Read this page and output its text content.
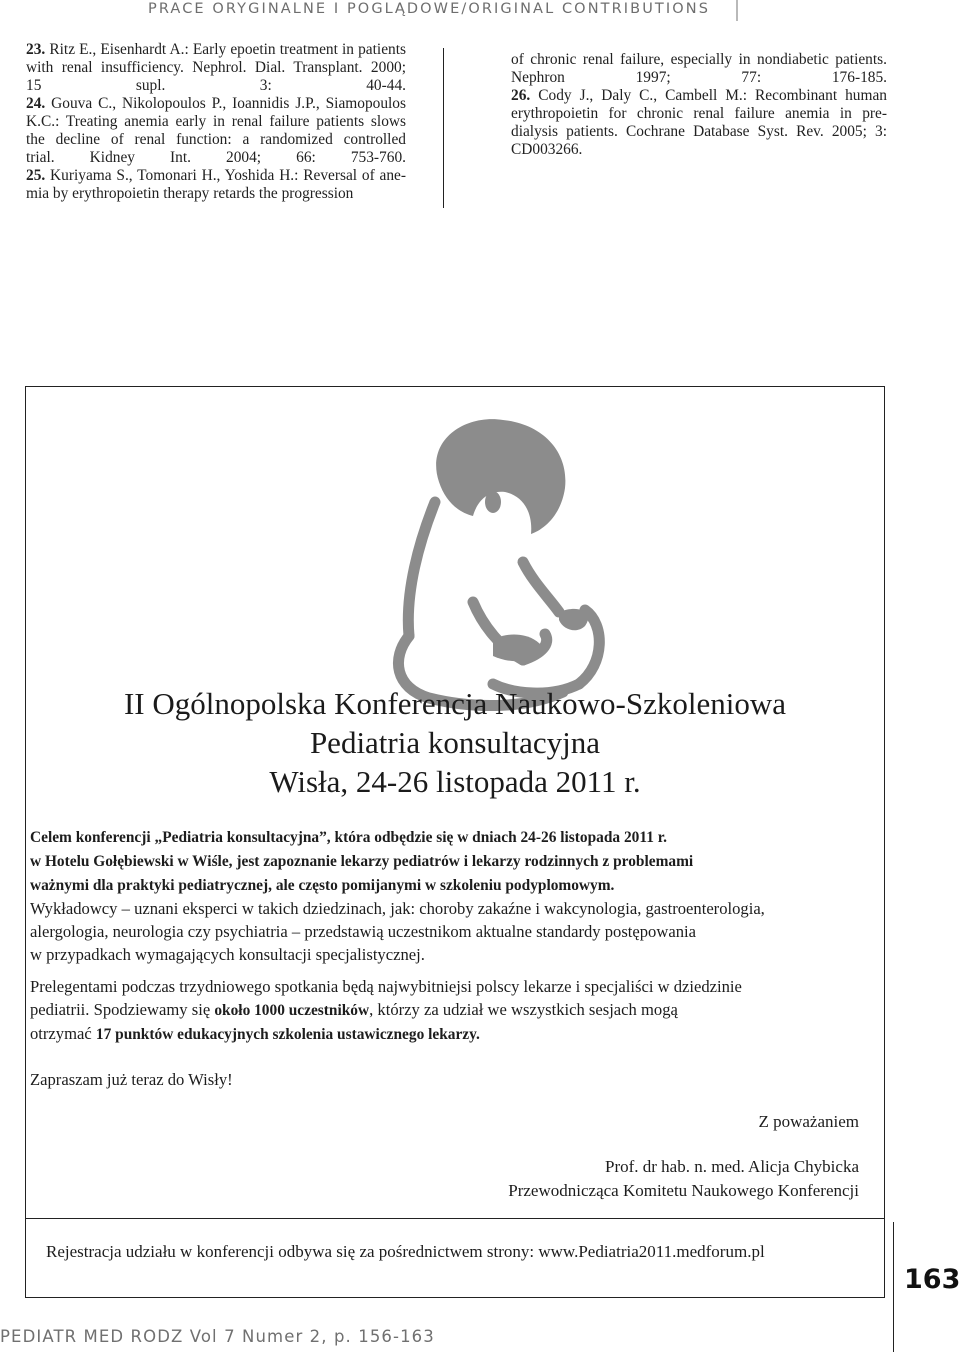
PRACE ORYGINALNE I POGLĄDOWE/ORIGINAL CONTRIBUTIONS
23. Ritz E., Eisenhardt A.: Early epoetin treatment in patients
with renal insufficiency. Nephrol. Dial. Transplant. 2000;
15 supl. 3: 40-44.
24. Gouva C., Nikolopoulos P., Ioannidis J.P., Siamopoulos
K.C.: Treating anemia early in renal failure patients slows
the decline of renal function: a randomized controlled
trial. Kidney Int. 2004; 66: 753-760.
25. Kuriyama S., Tomonari H., Yoshida H.: Reversal of ane-
mia by erythropoietin therapy retards the progression
of chronic renal failure, especially in nondiabetic patients.
Nephron 1997; 77: 176-185.
26. Cody J., Daly C., Cambell M.: Recombinant human
erythropoietin for chronic renal failure anemia in pre-
dialysis patients. Cochrane Database Syst. Rev. 2005; 3:
CD003266.
II Ogólnopolska Konferencja Naukowo-Szkoleniowa
Pediatria konsultacyjna
Wisła, 24-26 listopada 2011 r.
Celem konferencji „Pediatria konsultacyjna”, która odbędzie się w dniach 24-26 listopada 2011 r.
w Hotelu Gołębiewski w Wiśle, jest zapoznanie lekarzy pediatrów i lekarzy rodzinnych z problemami
ważnymi dla praktyki pediatrycznej, ale często pomijanymi w szkoleniu podyplomowym.
Wykładowcy – uznani eksperci w takich dziedzinach, jak: choroby zakaźne i wakcynologia, gastroenterologia,
alergologia, neurologia czy psychiatria – przedstawią uczestnikom aktualne standardy postępowania
w przypadkach wymagających konsultacji specjalistycznej.
Prelegentami podczas trzydniowego spotkania będą najwybitniejsi polscy lekarze i specjaliści w dziedzinie
pediatrii. Spodziewamy się około 1000 uczestników, którzy za udział we wszystkich sesjach mogą
otrzymać 17 punktów edukacyjnych szkolenia ustawicznego lekarzy.
Zapraszam już teraz do Wisły!
Z poważaniem
Prof. dr hab. n. med. Alicja Chybicka
Przewodnicząca Komitetu Naukowego Konferencji
Rejestracja udziału w konferencji odbywa się za pośrednictwem strony: www.Pediatria2011.medforum.pl
163
PEDIATR MED RODZ Vol 7 Numer 2, p. 156-163
